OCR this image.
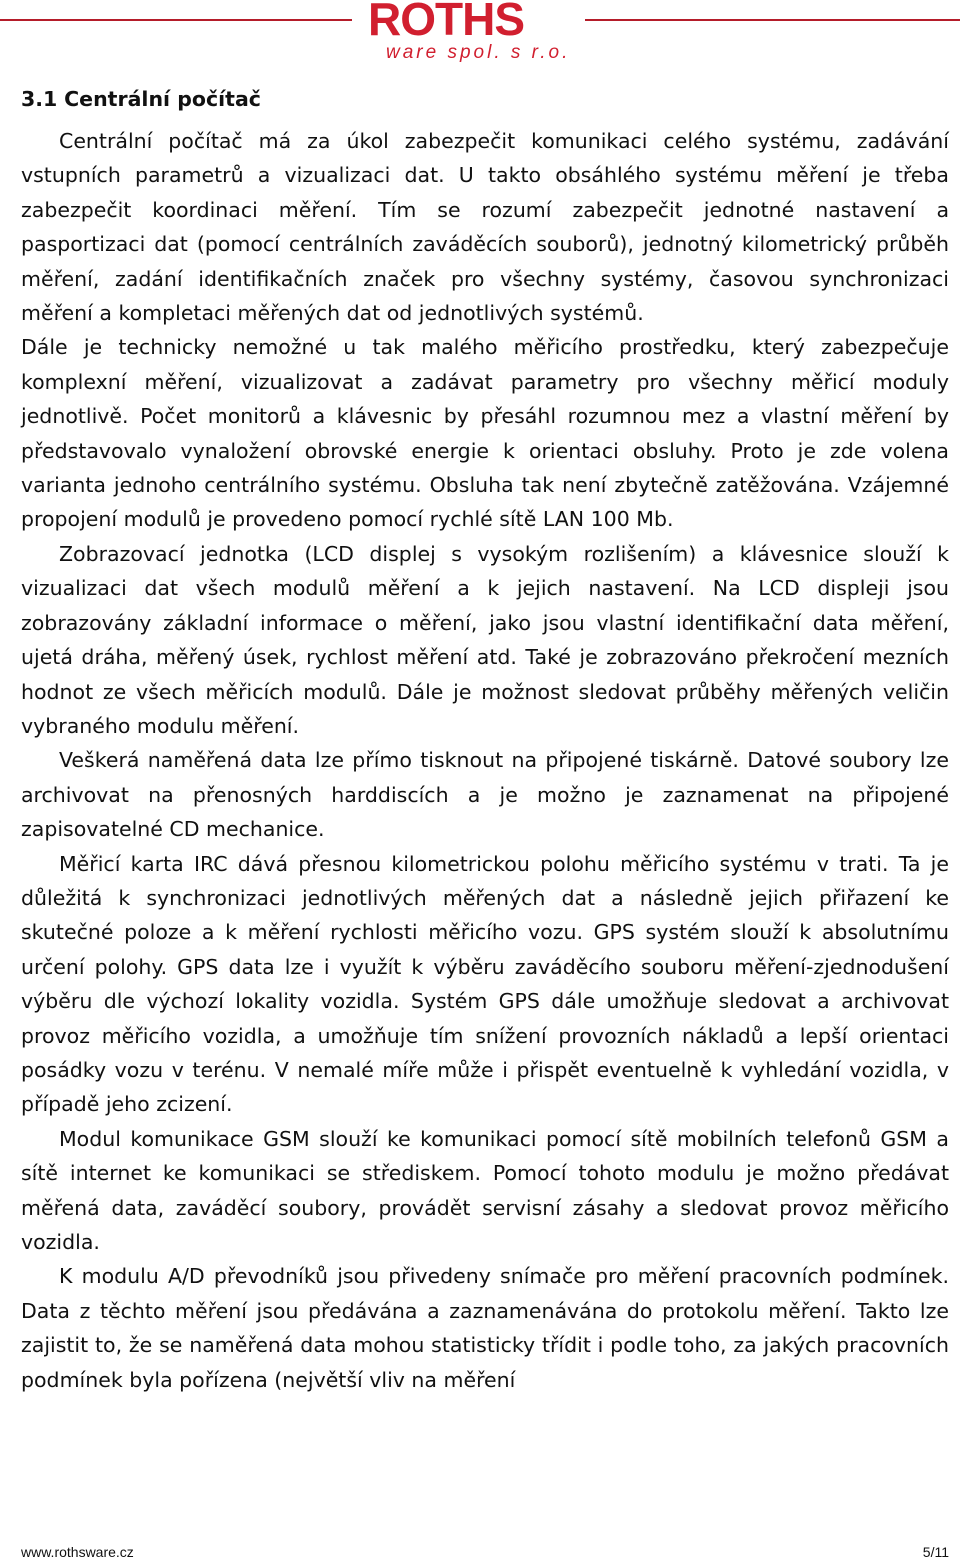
ROTHS
ware spol. s r.o.
3.1 Centrální počítač

Centrální počítač má za úkol zabezpečit komunikaci celého systému, zadávání vstupních parametrů a vizualizaci dat. U takto obsáhlého systému měření je třeba zabezpečit koordinaci měření. Tím se rozumí zabezpečit jednotné nastavení a pasportizaci dat (pomocí centrálních zaváděcích souborů), jednotný kilometrický průběh měření, zadání identifikačních značek pro všechny systémy, časovou synchronizaci měření a kompletaci měřených dat od jednotlivých systémů.

Dále je technicky nemožné u tak malého měřicího prostředku, který zabezpečuje komplexní měření, vizualizovat a zadávat parametry pro všechny měřicí moduly jednotlivě. Počet monitorů a klávesnic by přesáhl rozumnou mez a vlastní měření by představovalo vynaložení obrovské energie k orientaci obsluhy. Proto je zde volena varianta jednoho centrálního systému. Obsluha tak není zbytečně zatěžována. Vzájemné propojení modulů je provedeno pomocí rychlé sítě LAN 100 Mb.

Zobrazovací jednotka (LCD displej s vysokým rozlišením) a klávesnice slouží k vizualizaci dat všech modulů měření a k jejich nastavení. Na LCD displeji jsou zobrazovány základní informace o měření, jako jsou vlastní identifikační data měření, ujetá dráha, měřený úsek, rychlost měření atd. Také je zobrazováno překročení mezních hodnot ze všech měřicích modulů. Dále je možnost sledovat průběhy měřených veličin vybraného modulu měření.

Veškerá naměřená data lze přímo tisknout na připojené tiskárně. Datové soubory lze archivovat na přenosných harddiscích a je možno je zaznamenat na připojené zapisovatelné CD mechanice.

Měřicí karta IRC dává přesnou kilometrickou polohu měřicího systému v trati. Ta je důležitá k synchronizaci jednotlivých měřených dat a následně jejich přiřazení ke skutečné poloze a k měření rychlosti měřicího vozu. GPS systém slouží k absolutnímu určení polohy. GPS data lze i využít k výběru zaváděcího souboru měření-zjednodušení výběru dle výchozí lokality vozidla. Systém GPS dále umožňuje sledovat a archivovat provoz měřicího vozidla, a umožňuje tím snížení provozních nákladů a lepší orientaci posádky vozu v terénu. V nemalé míře může i přispět eventuelně k vyhledání vozidla, v případě jeho zcizení.

Modul komunikace GSM slouží ke komunikaci pomocí sítě mobilních telefonů GSM a sítě internet ke komunikaci se střediskem. Pomocí tohoto modulu je možno předávat měřená data, zaváděcí soubory, provádět servisní zásahy a sledovat provoz měřicího vozidla.

K modulu A/D převodníků jsou přivedeny snímače pro měření pracovních podmínek. Data z těchto měření jsou předávána a zaznamenávána do protokolu měření. Takto lze zajistit to, že se naměřená data mohou statisticky třídit i podle toho, za jakých pracovních podmínek byla pořízena (největší vliv na měření

www.rothsware.cz	5/11
